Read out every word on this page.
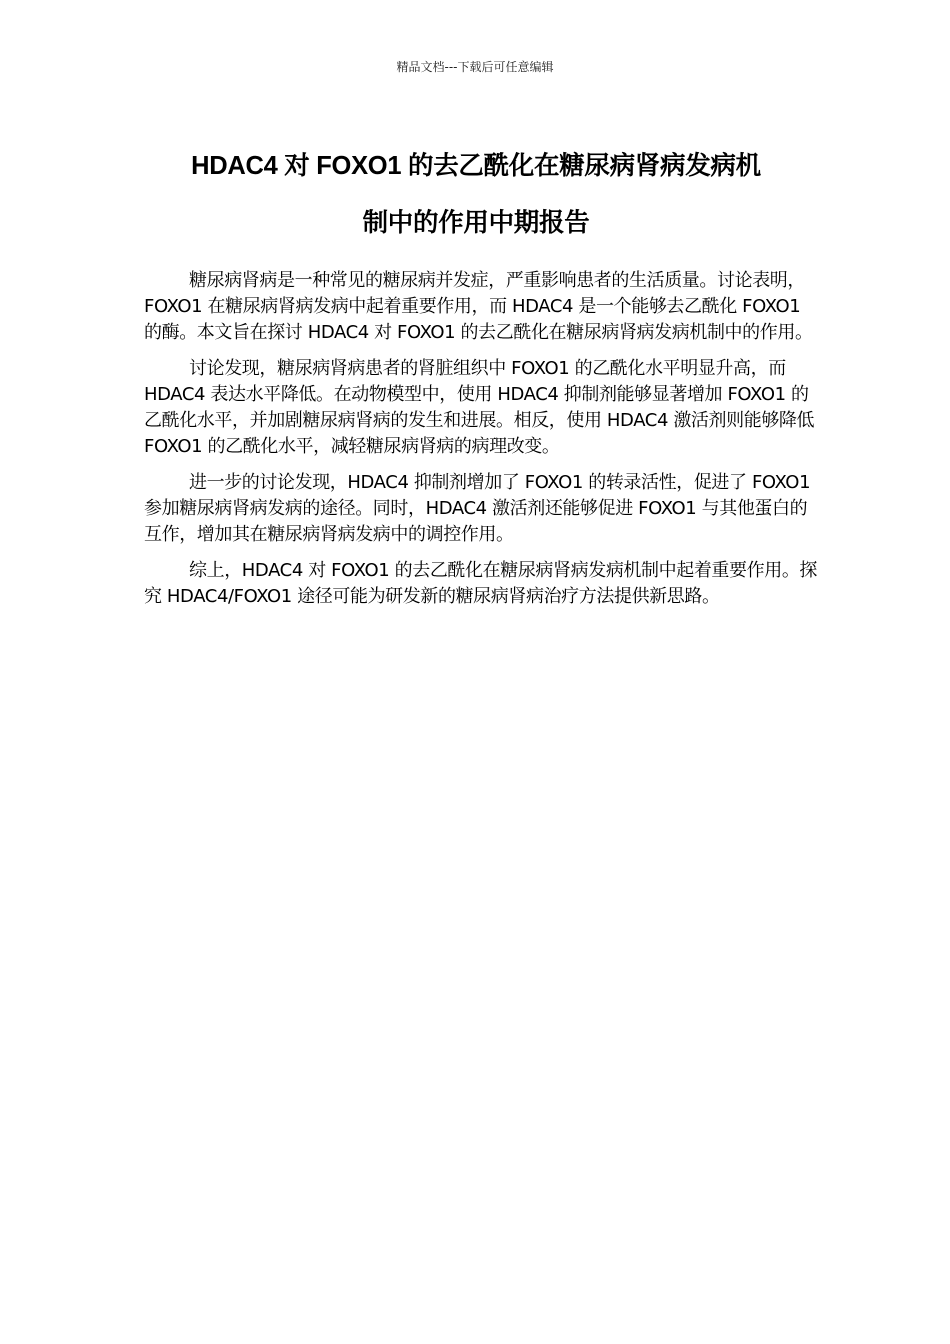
精品文档---下载后可任意编辑
HDAC4 对 FOXO1 的去乙酰化在糖尿病肾病发病机
制中的作用中期报告

糖尿病肾病是一种常见的糖尿病并发症，严重影响患者的生活质量。讨论表明，FOXO1 在糖尿病肾病发病中起着重要作用，而 HDAC4 是一个能够去乙酰化 FOXO1 的酶。本文旨在探讨 HDAC4 对 FOXO1 的去乙酰化在糖尿病肾病发病机制中的作用。

讨论发现，糖尿病肾病患者的肾脏组织中 FOXO1 的乙酰化水平明显升高，而 HDAC4 表达水平降低。在动物模型中，使用 HDAC4 抑制剂能够显著增加 FOXO1 的乙酰化水平，并加剧糖尿病肾病的发生和进展。相反，使用 HDAC4 激活剂则能够降低 FOXO1 的乙酰化水平，减轻糖尿病肾病的病理改变。

进一步的讨论发现，HDAC4 抑制剂增加了 FOXO1 的转录活性，促进了 FOXO1 参加糖尿病肾病发病的途径。同时，HDAC4 激活剂还能够促进 FOXO1 与其他蛋白的互作，增加其在糖尿病肾病发病中的调控作用。

综上，HDAC4 对 FOXO1 的去乙酰化在糖尿病肾病发病机制中起着重要作用。探究 HDAC4/FOXO1 途径可能为研发新的糖尿病肾病治疗方法提供新思路。
